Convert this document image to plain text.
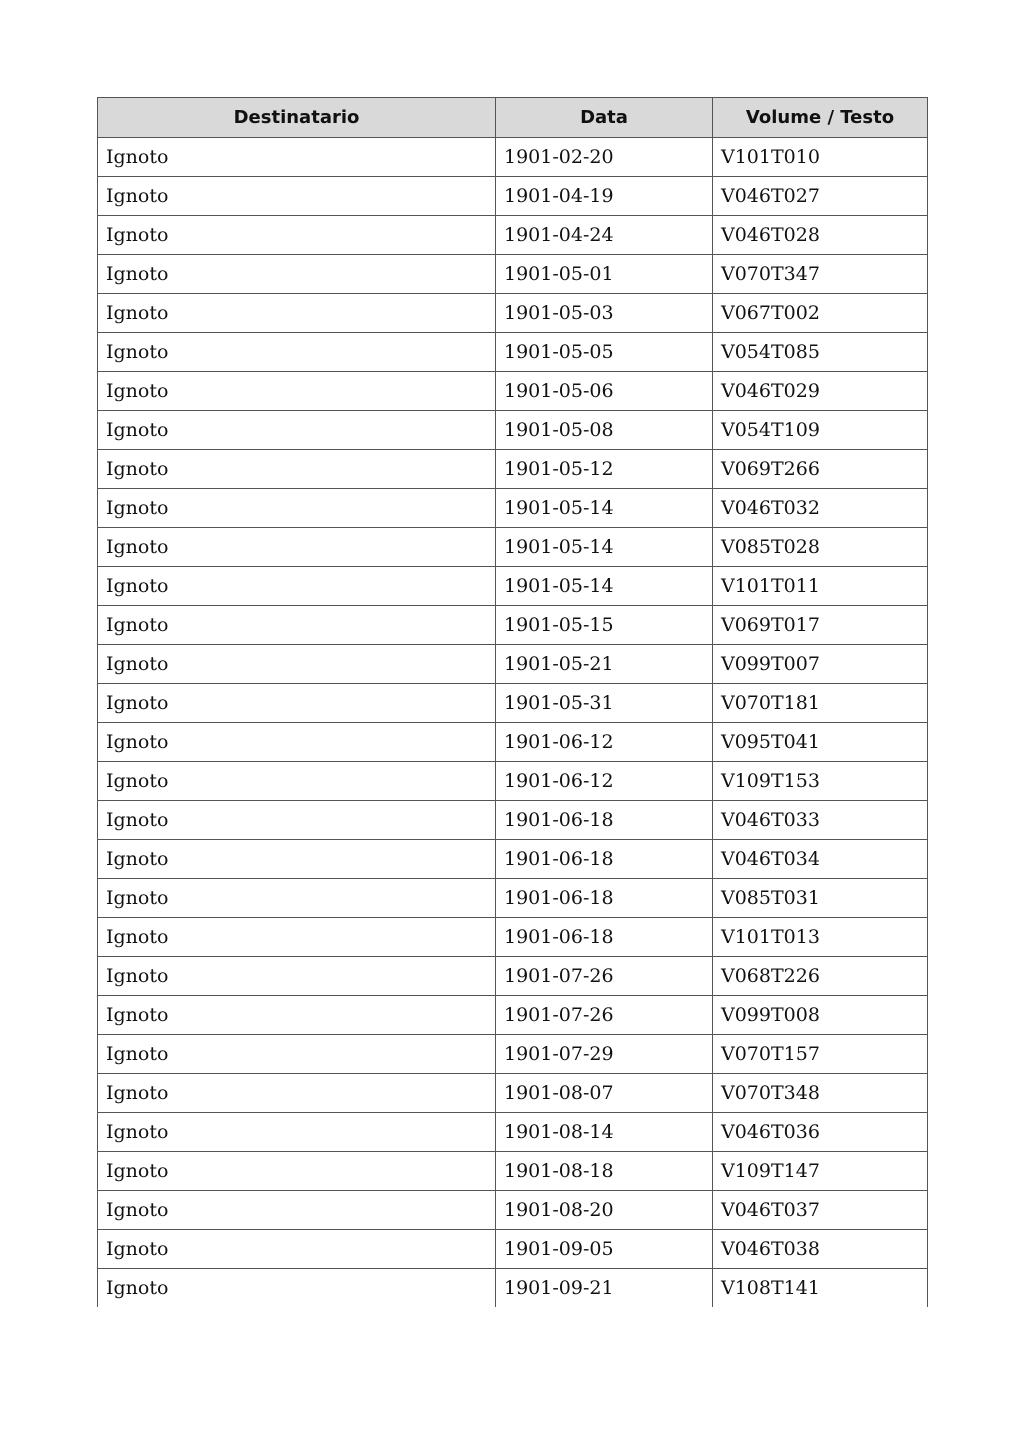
Destinatario	Data	Volume / Testo
Ignoto	1901-02-20	V101T010
Ignoto	1901-04-19	V046T027
Ignoto	1901-04-24	V046T028
Ignoto	1901-05-01	V070T347
Ignoto	1901-05-03	V067T002
Ignoto	1901-05-05	V054T085
Ignoto	1901-05-06	V046T029
Ignoto	1901-05-08	V054T109
Ignoto	1901-05-12	V069T266
Ignoto	1901-05-14	V046T032
Ignoto	1901-05-14	V085T028
Ignoto	1901-05-14	V101T011
Ignoto	1901-05-15	V069T017
Ignoto	1901-05-21	V099T007
Ignoto	1901-05-31	V070T181
Ignoto	1901-06-12	V095T041
Ignoto	1901-06-12	V109T153
Ignoto	1901-06-18	V046T033
Ignoto	1901-06-18	V046T034
Ignoto	1901-06-18	V085T031
Ignoto	1901-06-18	V101T013
Ignoto	1901-07-26	V068T226
Ignoto	1901-07-26	V099T008
Ignoto	1901-07-29	V070T157
Ignoto	1901-08-07	V070T348
Ignoto	1901-08-14	V046T036
Ignoto	1901-08-18	V109T147
Ignoto	1901-08-20	V046T037
Ignoto	1901-09-05	V046T038
Ignoto	1901-09-21	V108T141
